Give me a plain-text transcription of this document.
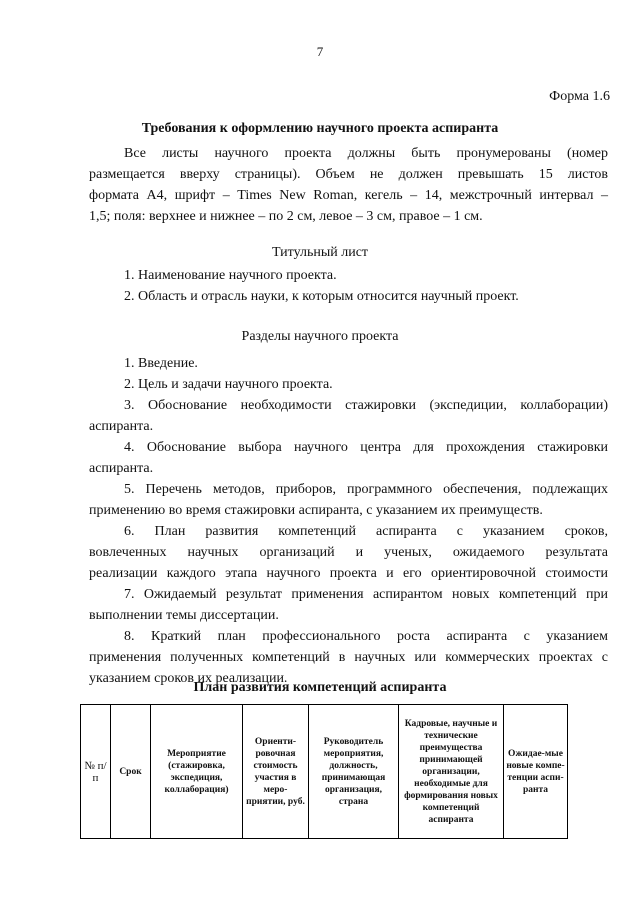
7
Форма 1.6
Требования к оформлению научного проекта аспиранта

Все листы научного проекта должны быть пронумерованы (номер

размещается вверху страницы). Объем не должен превышать 15 листов

формата А4, шрифт – Times New Roman, кегель – 14, межстрочный интервал –

1,5; поля: верхнее и нижнее – по 2 см, левое – 3 см, правое – 1 см.

Титульный лист

1. Наименование научного проекта.

2. Область и отрасль науки, к которым относится научный проект.

Разделы научного проекта

1. Введение.

2. Цель и задачи научного проекта.

3. Обоснование необходимости стажировки (экспедиции, коллаборации)

аспиранта.

4. Обоснование выбора научного центра для прохождения стажировки

аспиранта.

5. Перечень методов, приборов, программного обеспечения, подлежащих

применению во время стажировки аспиранта, с указанием их преимуществ.

6. План развития компетенций аспиранта с указанием сроков,

вовлеченных научных организаций и ученых, ожидаемого результата

реализации каждого этапа научного проекта и его ориентировочной стоимости

7. Ожидаемый результат применения аспирантом новых компетенций при

выполнении темы диссертации.

8. Краткий план профессионального роста аспиранта с указанием

применения полученных компетенций в научных или коммерческих проектах с

указанием сроков их реализации.

План развития компетенций аспиранта
№ п/п	Срок	Мероприятие (стажировка, экспедиция, коллаборация)	Ориенти-ровочная стоимость участия в меро-приятии, руб.	Руководитель мероприятия, должность, принимающая организация, страна	Кадровые, научные и технические преимущества принимающей организации, необходимые для формирования новых компетенций аспиранта	Ожидае-мые новые компе-тенции аспи-ранта
